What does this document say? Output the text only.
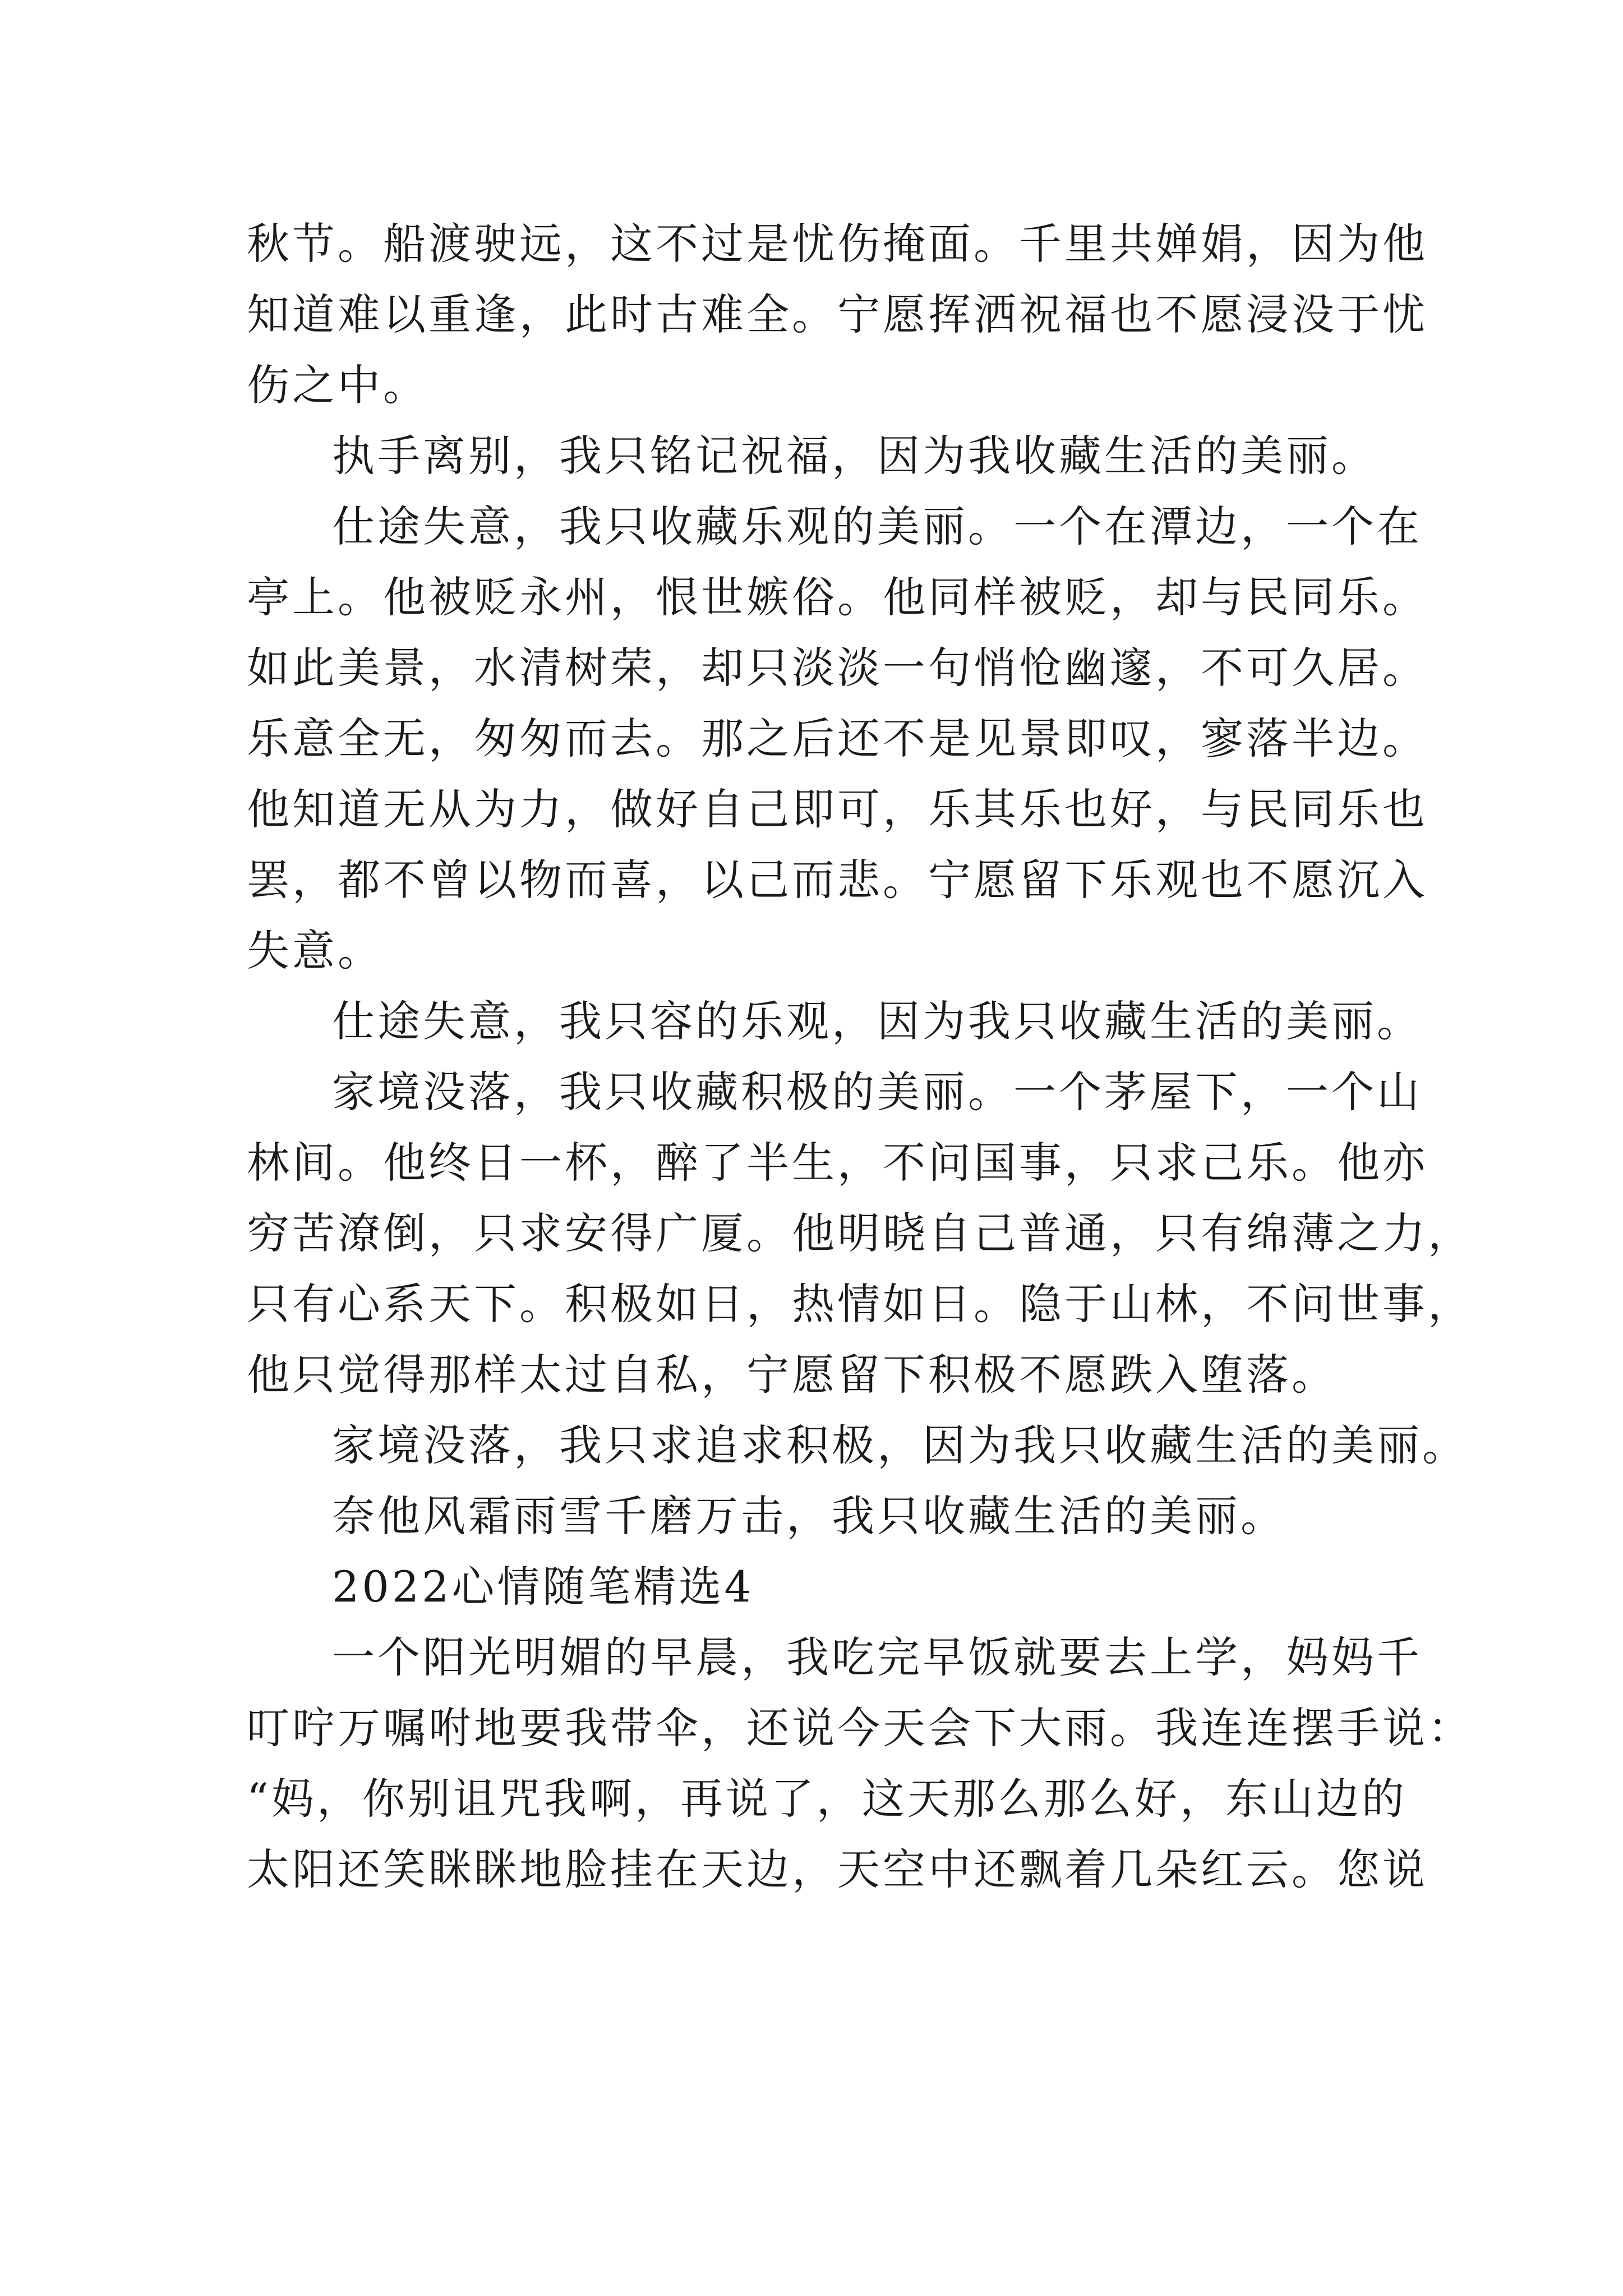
秋节。船渡驶远，这不过是忧伤掩面。千里共婵娟，因为他
知道难以重逢，此时古难全。宁愿挥洒祝福也不愿浸没于忧
伤之中。
执手离别，我只铭记祝福，因为我收藏生活的美丽。
仕途失意，我只收藏乐观的美丽。一个在潭边，一个在
亭上。他被贬永州，恨世嫉俗。他同样被贬，却与民同乐。
如此美景，水清树荣，却只淡淡一句悄怆幽邃，不可久居。
乐意全无，匆匆而去。那之后还不是见景即叹，寥落半边。
他知道无从为力，做好自己即可，乐其乐也好，与民同乐也
罢，都不曾以物而喜，以己而悲。宁愿留下乐观也不愿沉入
失意。
仕途失意，我只容的乐观，因为我只收藏生活的美丽。
家境没落，我只收藏积极的美丽。一个茅屋下，一个山
林间。他终日一杯，醉了半生，不问国事，只求己乐。他亦
穷苦潦倒，只求安得广厦。他明晓自己普通，只有绵薄之力，
只有心系天下。积极如日，热情如日。隐于山林，不问世事，
他只觉得那样太过自私，宁愿留下积极不愿跌入堕落。
家境没落，我只求追求积极，因为我只收藏生活的美丽。
奈他风霜雨雪千磨万击，我只收藏生活的美丽。
2022心情随笔精选4
一个阳光明媚的早晨，我吃完早饭就要去上学，妈妈千
叮咛万嘱咐地要我带伞，还说今天会下大雨。我连连摆手说：
“妈，你别诅咒我啊，再说了，这天那么那么好，东山边的
太阳还笑眯眯地脸挂在天边，天空中还飘着几朵红云。您说
